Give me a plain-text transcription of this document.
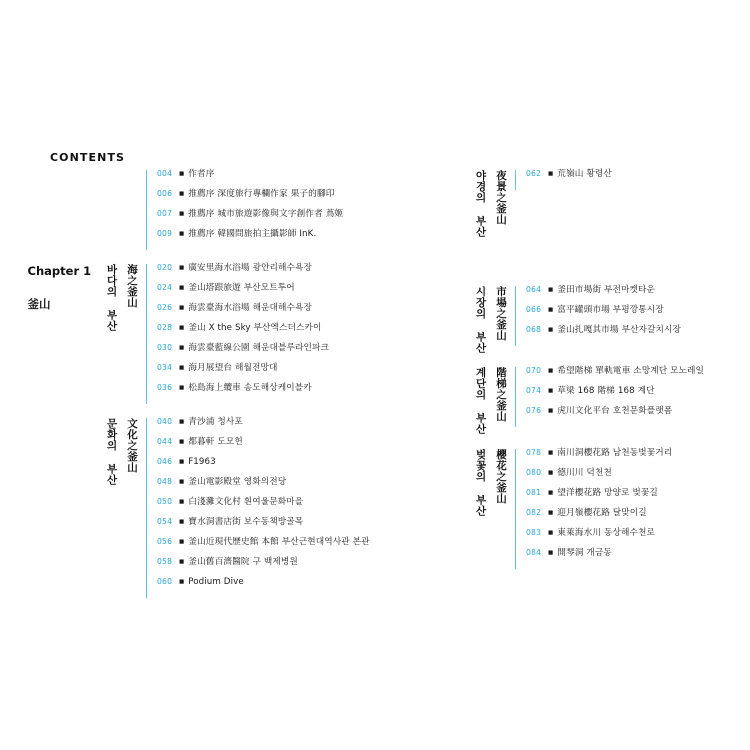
CONTENTS
004	■ 作者序
006	■ 推薦序 深度旅行專欄作家 果子的腳印
007	■ 推薦序 城市旅遊影像與文字創作者 蔦姬
009	■ 推薦序 韓國問旅拍主攝影師 InK.
Chapter 1
釜山	바다의 부산 海之釜山	020	■ 廣安里海水浴場 광안리해수욕장
024	■ 釜山塔跟旅遊 부산모트투어
026	■ 海雲臺海水浴場 해운대해수욕장
028	■ 釜山 X the Sky 부산엑스더스카이
030	■ 海雲臺藍線公園 해운대블루라인파크
034	■ 海月展望台 해월전망대
036	■ 松島海上纜車 송도해상케이블카
문화의 부산 文化之釜山	040	■ 青沙浦 청사포
044	■ 都暮軒 도모헌
046	■ F1963
048	■ 釜山電影殿堂 영화의전당
050	■ 白淺灘文化村 흰여울문화마을
054	■ 寶水洞書店街 보수동책방골목
056	■ 釜山近現代歷史館 本館 부산근현대역사관 본관
058	■ 釜山舊百濟醫院 구 백제병원
060	■ Podium Dive
야경의 부산 夜景之釜山	062	■ 荒嶺山 황령산
시장의 부산 市場之釜山	064	■ 釜田市場街 부전마켓타운
066	■ 富平罐頭市場 부평깡통시장
068	■ 釜山扎嘎其市場 부산자갈치시장
계단의 부산 階梯之釜山	070	■ 希望階梯 單軌電車 소망계단 모노레일
074	■ 草梁 168 階梯 168 계단
076	■ 虎川文化平台 호천문화플랫폼
벚꽃의 부산 櫻花之釜山	078	■ 南川洞櫻花路 남천동벚꽃거리
080	■ 德川川 덕천천
081	■ 望洋櫻花路 망양로 벚꽃길
082	■ 迎月嶺櫻花路 달맞이길
083	■ 東萊海水川 동상해수천로
084	■ 開琴洞 개금동
